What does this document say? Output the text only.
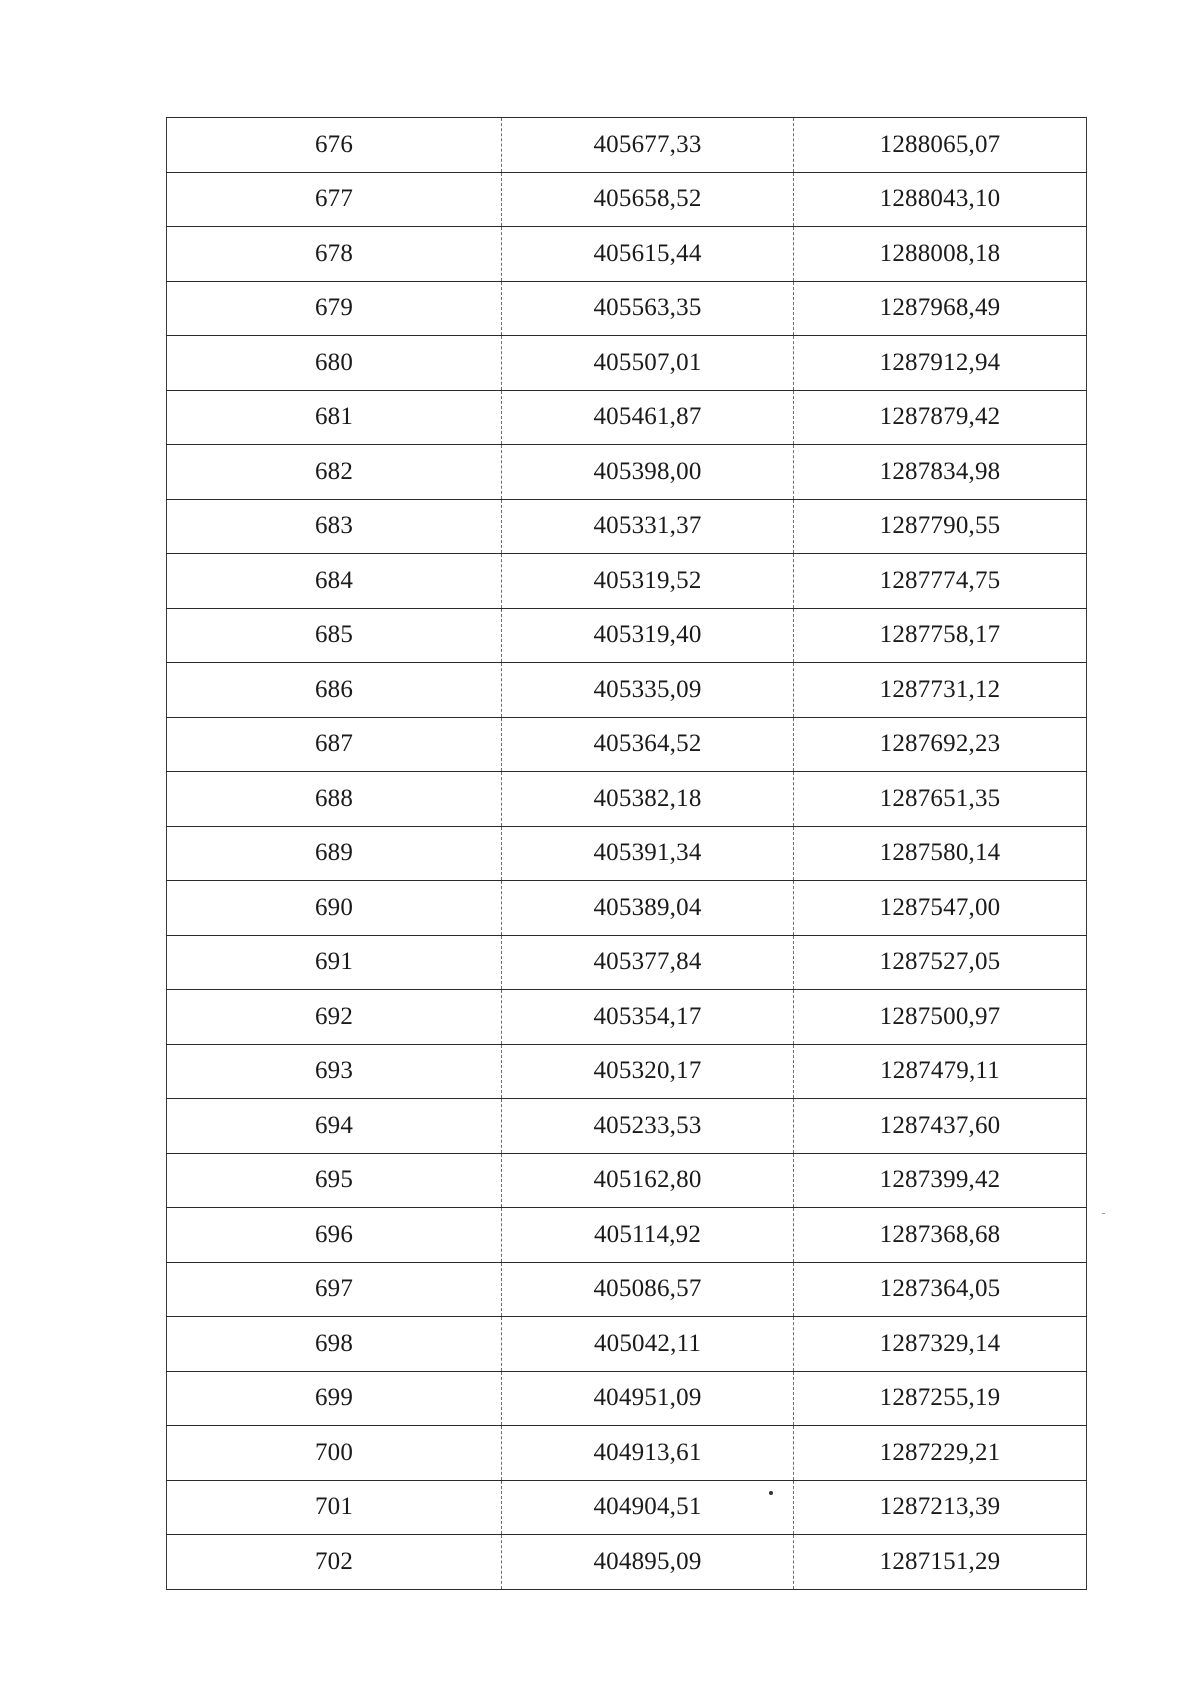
676	405677,33	1288065,07
677	405658,52	1288043,10
678	405615,44	1288008,18
679	405563,35	1287968,49
680	405507,01	1287912,94
681	405461,87	1287879,42
682	405398,00	1287834,98
683	405331,37	1287790,55
684	405319,52	1287774,75
685	405319,40	1287758,17
686	405335,09	1287731,12
687	405364,52	1287692,23
688	405382,18	1287651,35
689	405391,34	1287580,14
690	405389,04	1287547,00
691	405377,84	1287527,05
692	405354,17	1287500,97
693	405320,17	1287479,11
694	405233,53	1287437,60
695	405162,80	1287399,42
696	405114,92	1287368,68
697	405086,57	1287364,05
698	405042,11	1287329,14
699	404951,09	1287255,19
700	404913,61	1287229,21
701	404904,51	1287213,39
702	404895,09	1287151,29
